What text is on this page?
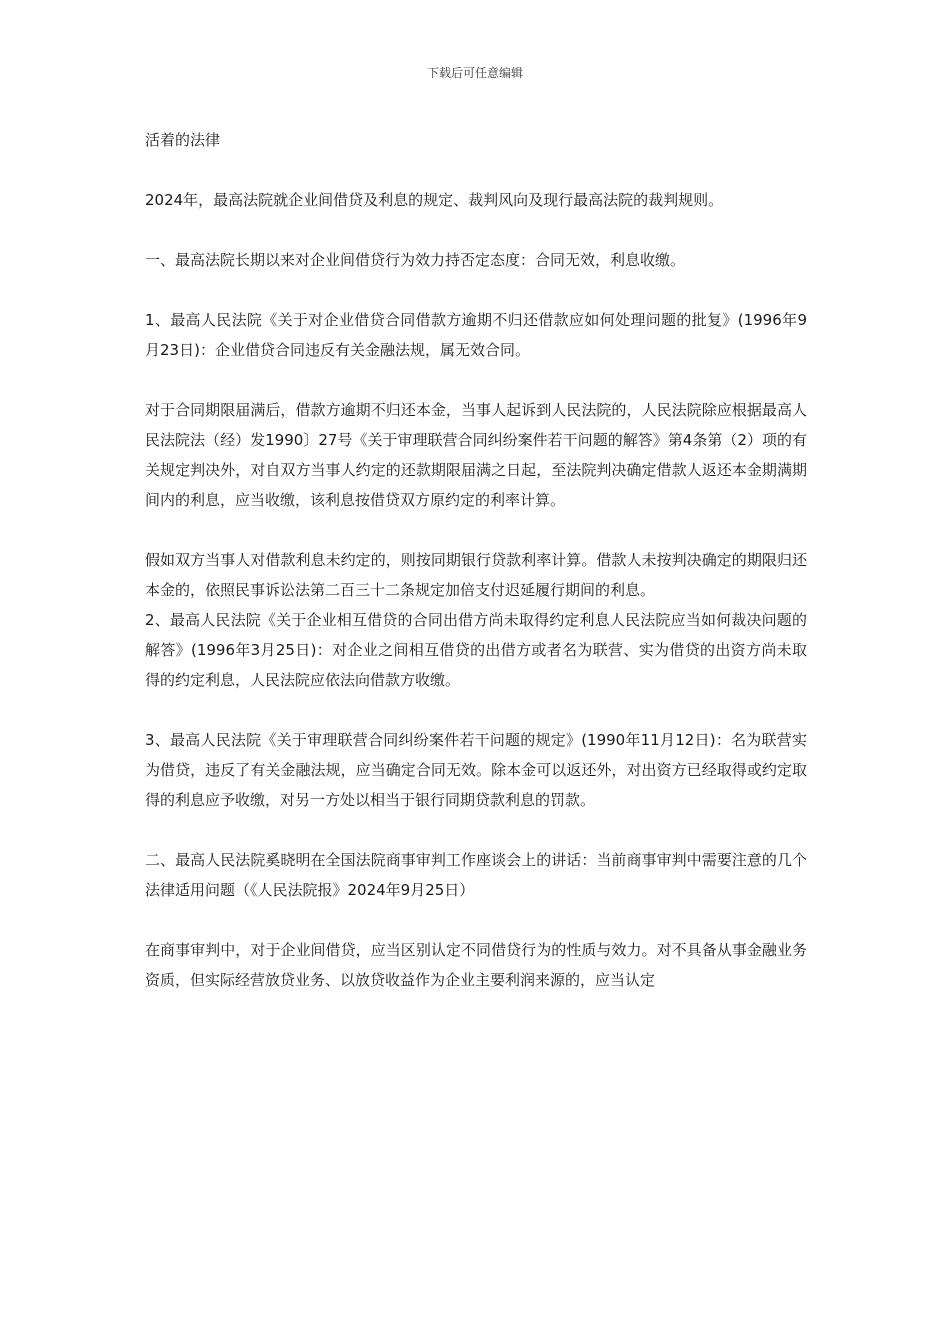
下载后可任意编辑

活着的法律

2024年，最高法院就企业间借贷及利息的规定、裁判风向及现行最高法院的裁判规则。

一、最高法院长期以来对企业间借贷行为效力持否定态度：合同无效，利息收缴。

1、最高人民法院《关于对企业借贷合同借款方逾期不归还借款应如何处理问题的批复》(1996年9月23日)：企业借贷合同违反有关金融法规，属无效合同。

对于合同期限届满后，借款方逾期不归还本金，当事人起诉到人民法院的，人民法院除应根据最高人民法院法（经）发1990〕27号《关于审理联营合同纠纷案件若干问题的解答》第4条第（2）项的有关规定判决外，对自双方当事人约定的还款期限届满之日起，至法院判决确定借款人返还本金期满期间内的利息，应当收缴，该利息按借贷双方原约定的利率计算。

假如双方当事人对借款利息未约定的，则按同期银行贷款利率计算。借款人未按判决确定的期限归还本金的，依照民事诉讼法第二百三十二条规定加倍支付迟延履行期间的利息。

2、最高人民法院《关于企业相互借贷的合同出借方尚未取得约定利息人民法院应当如何裁决问题的解答》(1996年3月25日)：对企业之间相互借贷的出借方或者名为联营、实为借贷的出资方尚未取得的约定利息，人民法院应依法向借款方收缴。

3、最高人民法院《关于审理联营合同纠纷案件若干问题的规定》(1990年11月12日)：名为联营实为借贷，违反了有关金融法规，应当确定合同无效。除本金可以返还外，对出资方已经取得或约定取得的利息应予收缴，对另一方处以相当于银行同期贷款利息的罚款。

二、最高人民法院奚晓明在全国法院商事审判工作座谈会上的讲话：当前商事审判中需要注意的几个法律适用问题（《人民法院报》2024年9月25日）

在商事审判中，对于企业间借贷，应当区别认定不同借贷行为的性质与效力。对不具备从事金融业务资质，但实际经营放贷业务、以放贷收益作为企业主要利润来源的，应当认定
